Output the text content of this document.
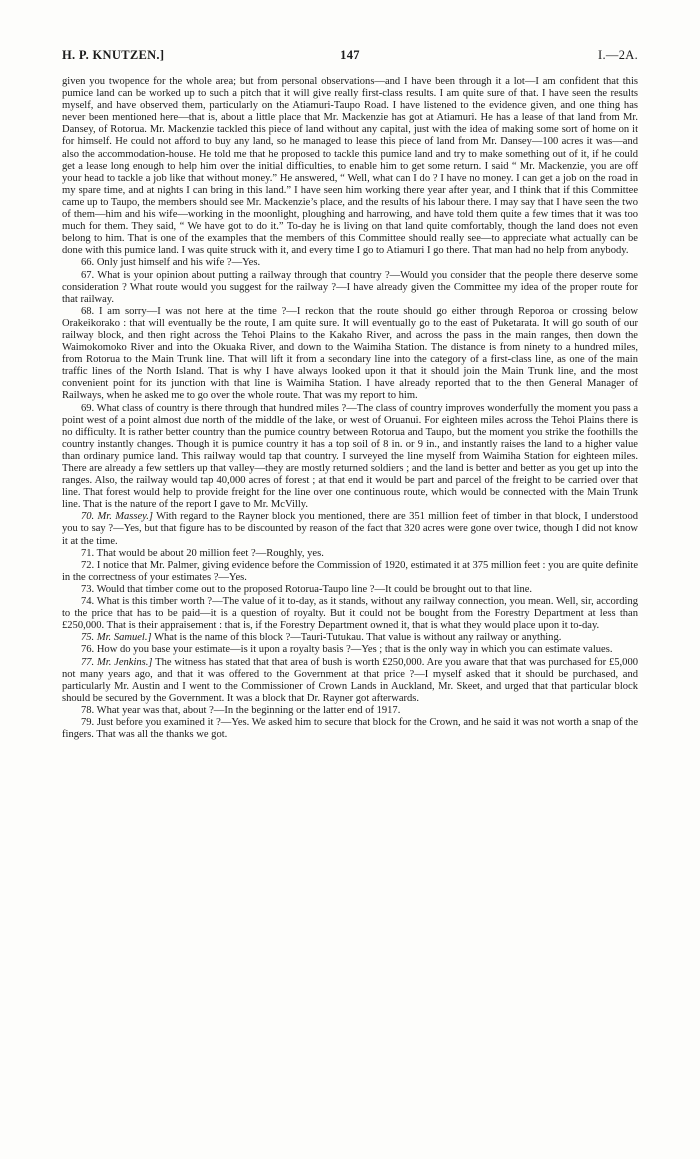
H. P. KNUTZEN.]	147	I.—2A.

given you twopence for the whole area; but from personal observations—and I have been through it a lot—I am confident that this pumice land can be worked up to such a pitch that it will give really first-class results. I am quite sure of that. I have seen the results myself, and have observed them, particularly on the Atiamuri-Taupo Road. I have listened to the evidence given, and one thing has never been mentioned here—that is, about a little place that Mr. Mackenzie has got at Atiamuri. He has a lease of that land from Mr. Dansey, of Rotorua. Mr. Mackenzie tackled this piece of land without any capital, just with the idea of making some sort of home on it for himself. He could not afford to buy any land, so he managed to lease this piece of land from Mr. Dansey—100 acres it was—and also the accommodation-house. He told me that he proposed to tackle this pumice land and try to make something out of it, if he could get a lease long enough to help him over the initial difficulties, to enable him to get some return. I said “ Mr. Mackenzie, you are off your head to tackle a job like that without money.” He answered, “ Well, what can I do ? I have no money. I can get a job on the road in my spare time, and at nights I can bring in this land.” I have seen him working there year after year, and I think that if this Committee came up to Taupo, the members should see Mr. Mackenzie’s place, and the results of his labour there. I may say that I have seen the two of them—him and his wife—working in the moonlight, ploughing and harrowing, and have told them quite a few times that it was too much for them. They said, “ We have got to do it.” To-day he is living on that land quite comfortably, though the land does not even belong to him. That is one of the examples that the members of this Committee should really see—to appreciate what actually can be done with this pumice land. I was quite struck with it, and every time I go to Atiamuri I go there. That man had no help from anybody.

66. Only just himself and his wife ?—Yes.

67. What is your opinion about putting a railway through that country ?—Would you consider that the people there deserve some consideration ? What route would you suggest for the railway ?—I have already given the Committee my idea of the proper route for that railway.

68. I am sorry—I was not here at the time ?—I reckon that the route should go either through Reporoa or crossing below Orakeikorako : that will eventually be the route, I am quite sure. It will eventually go to the east of Puketarata. It will go south of our railway block, and then right across the Tehoi Plains to the Kakaho River, and across the pass in the main ranges, then down the Waimokomoko River and into the Okuaka River, and down to the Waimiha Station. The distance is from ninety to a hundred miles, from Rotorua to the Main Trunk line. That will lift it from a secondary line into the category of a first-class line, as one of the main traffic lines of the North Island. That is why I have always looked upon it that it should join the Main Trunk line, and the most convenient point for its junction with that line is Waimiha Station. I have already reported that to the then General Manager of Railways, when he asked me to go over the whole route. That was my report to him.

69. What class of country is there through that hundred miles ?—The class of country improves wonderfully the moment you pass a point west of a point almost due north of the middle of the lake, or west of Oruanui. For eighteen miles across the Tehoi Plains there is no difficulty. It is rather better country than the pumice country between Rotorua and Taupo, but the moment you strike the foothills the country instantly changes. Though it is pumice country it has a top soil of 8 in. or 9 in., and instantly raises the land to a higher value than ordinary pumice land. This railway would tap that country. I surveyed the line myself from Waimiha Station for eighteen miles. There are already a few settlers up that valley—they are mostly returned soldiers ; and the land is better and better as you get up into the ranges. Also, the railway would tap 40,000 acres of forest ; at that end it would be part and parcel of the freight to be carried over that line. That forest would help to provide freight for the line over one continuous route, which would be connected with the Main Trunk line. That is the nature of the report I gave to Mr. McVilly.

70. Mr. Massey.] With regard to the Rayner block you mentioned, there are 351 million feet of timber in that block, I understood you to say ?—Yes, but that figure has to be discounted by reason of the fact that 320 acres were gone over twice, though I did not know it at the time.

71. That would be about 20 million feet ?—Roughly, yes.

72. I notice that Mr. Palmer, giving evidence before the Commission of 1920, estimated it at 375 million feet : you are quite definite in the correctness of your estimates ?—Yes.

73. Would that timber come out to the proposed Rotorua-Taupo line ?—It could be brought out to that line.

74. What is this timber worth ?—The value of it to-day, as it stands, without any railway connection, you mean. Well, sir, according to the price that has to be paid—it is a question of royalty. But it could not be bought from the Forestry Department at less than £250,000. That is their appraisement : that is, if the Forestry Department owned it, that is what they would place upon it to-day.

75. Mr. Samuel.] What is the name of this block ?—Tauri-Tutukau. That value is without any railway or anything.

76. How do you base your estimate—is it upon a royalty basis ?—Yes ; that is the only way in which you can estimate values.

77. Mr. Jenkins.] The witness has stated that that area of bush is worth £250,000. Are you aware that that was purchased for £5,000 not many years ago, and that it was offered to the Government at that price ?—I myself asked that it should be purchased, and particularly Mr. Austin and I went to the Commissioner of Crown Lands in Auckland, Mr. Skeet, and urged that that particular block should be secured by the Government. It was a block that Dr. Rayner got afterwards.

78. What year was that, about ?—In the beginning or the latter end of 1917.

79. Just before you examined it ?—Yes. We asked him to secure that block for the Crown, and he said it was not worth a snap of the fingers. That was all the thanks we got.
